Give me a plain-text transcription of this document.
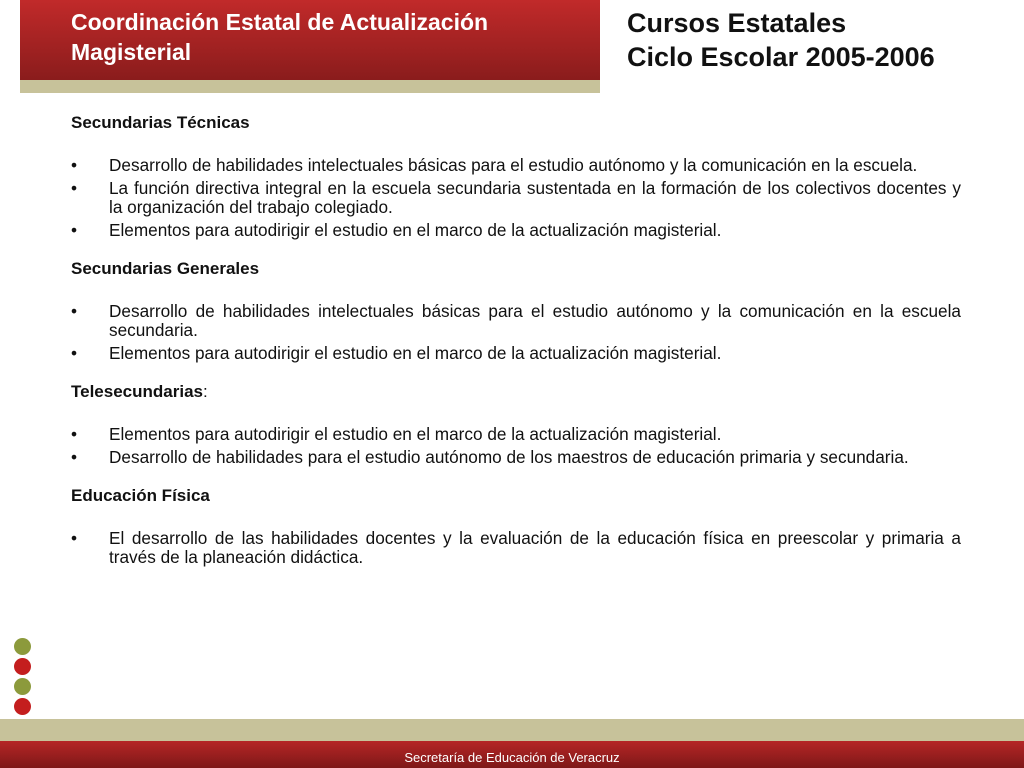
Coordinación Estatal de Actualización Magisterial
Cursos Estatales
Ciclo Escolar 2005-2006
Secundarias Técnicas
• Desarrollo de habilidades intelectuales básicas para el estudio autónomo y la comunicación en la escuela.
• La función directiva integral en la escuela secundaria sustentada en la formación de los colectivos docentes y la organización del trabajo colegiado.
• Elementos para autodirigir el estudio en el marco de la actualización magisterial.
Secundarias Generales
• Desarrollo de habilidades intelectuales básicas para el estudio autónomo y la comunicación en la escuela secundaria.
• Elementos para autodirigir el estudio en el marco de la actualización magisterial.
Telesecundarias:
• Elementos para autodirigir el estudio en el marco de la actualización magisterial.
• Desarrollo de habilidades para el estudio autónomo de los maestros de educación primaria y secundaria.
Educación Física
• El desarrollo de las habilidades docentes y la evaluación de la educación física en preescolar y primaria a través de la planeación didáctica.
Secretaría de Educación de Veracruz
